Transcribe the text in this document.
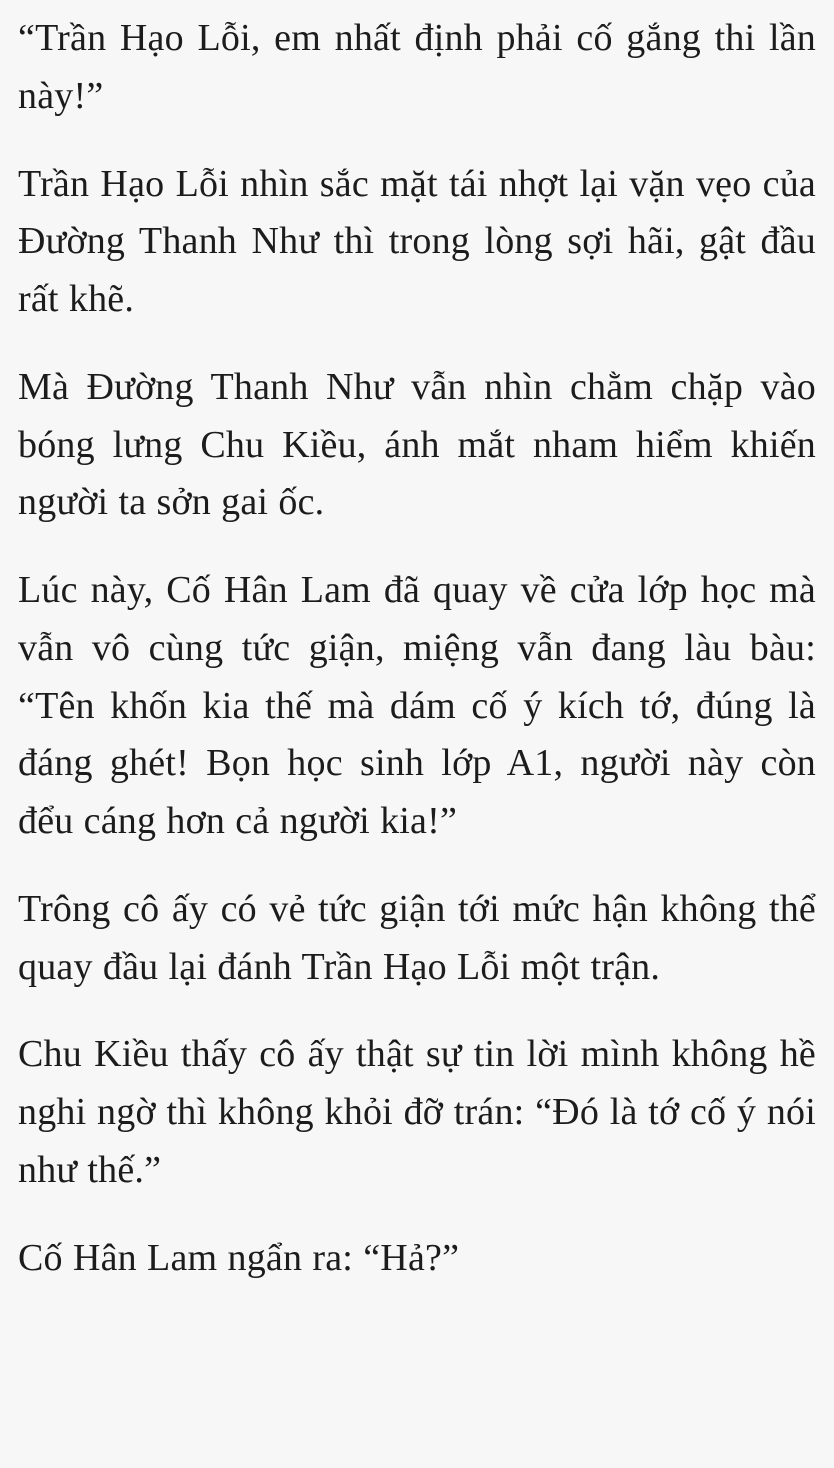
“Trần Hạo Lỗi, em nhất định phải cố gắng thi lần này!”

Trần Hạo Lỗi nhìn sắc mặt tái nhợt lại vặn vẹo của Đường Thanh Như thì trong lòng sợi hãi, gật đầu rất khẽ.

Mà Đường Thanh Như vẫn nhìn chằm chặp vào bóng lưng Chu Kiều, ánh mắt nham hiểm khiến người ta sởn gai ốc.

Lúc này, Cố Hân Lam đã quay về cửa lớp học mà vẫn vô cùng tức giận, miệng vẫn đang làu bàu: “Tên khốn kia thế mà dám cố ý kích tớ, đúng là đáng ghét! Bọn học sinh lớp A1, người này còn đểu cáng hơn cả người kia!”

Trông cô ấy có vẻ tức giận tới mức hận không thể quay đầu lại đánh Trần Hạo Lỗi một trận.

Chu Kiều thấy cô ấy thật sự tin lời mình không hề nghi ngờ thì không khỏi đỡ trán: “Đó là tớ cố ý nói như thế.”

Cố Hân Lam ngẩn ra: “Hả?”
